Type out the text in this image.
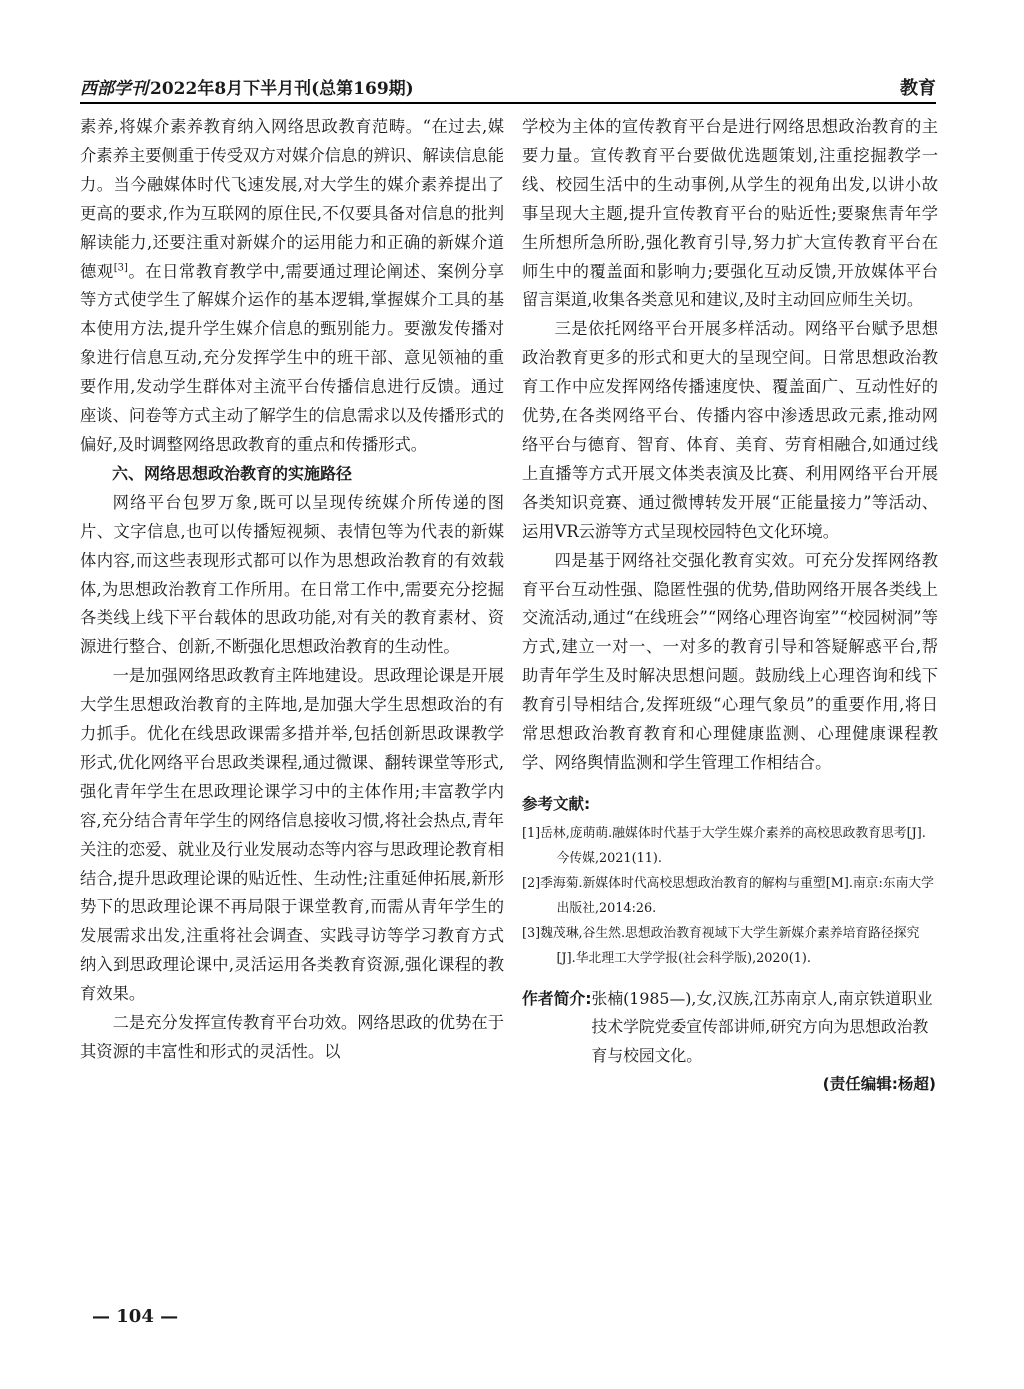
西部学刊 2022年8月下半月刊(总第169期)	教育

素养,将媒介素养教育纳入网络思政教育范畴。“在过去,媒介素养主要侧重于传受双方对媒介信息的辨识、解读信息能力。当今融媒体时代飞速发展,对大学生的媒介素养提出了更高的要求,作为互联网的原住民,不仅要具备对信息的批判解读能力,还要注重对新媒介的运用能力和正确的新媒介道德观[3]。在日常教育教学中,需要通过理论阐述、案例分享等方式使学生了解媒介运作的基本逻辑,掌握媒介工具的基本使用方法,提升学生媒介信息的甄别能力。要激发传播对象进行信息互动,充分发挥学生中的班干部、意见领袖的重要作用,发动学生群体对主流平台传播信息进行反馈。通过座谈、问卷等方式主动了解学生的信息需求以及传播形式的偏好,及时调整网络思政教育的重点和传播形式。

六、网络思想政治教育的实施路径

网络平台包罗万象,既可以呈现传统媒介所传递的图片、文字信息,也可以传播短视频、表情包等为代表的新媒体内容,而这些表现形式都可以作为思想政治教育的有效载体,为思想政治教育工作所用。在日常工作中,需要充分挖掘各类线上线下平台载体的思政功能,对有关的教育素材、资源进行整合、创新,不断强化思想政治教育的生动性。

一是加强网络思政教育主阵地建设。思政理论课是开展大学生思想政治教育的主阵地,是加强大学生思想政治的有力抓手。优化在线思政课需多措并举,包括创新思政课教学形式,优化网络平台思政类课程,通过微课、翻转课堂等形式,强化青年学生在思政理论课学习中的主体作用;丰富教学内容,充分结合青年学生的网络信息接收习惯,将社会热点,青年关注的恋爱、就业及行业发展动态等内容与思政理论教育相结合,提升思政理论课的贴近性、生动性;注重延伸拓展,新形势下的思政理论课不再局限于课堂教育,而需从青年学生的发展需求出发,注重将社会调查、实践寻访等学习教育方式纳入到思政理论课中,灵活运用各类教育资源,强化课程的教育效果。

二是充分发挥宣传教育平台功效。网络思政的优势在于其资源的丰富性和形式的灵活性。以

学校为主体的宣传教育平台是进行网络思想政治教育的主要力量。宣传教育平台要做优选题策划,注重挖掘教学一线、校园生活中的生动事例,从学生的视角出发,以讲小故事呈现大主题,提升宣传教育平台的贴近性;要聚焦青年学生所想所急所盼,强化教育引导,努力扩大宣传教育平台在师生中的覆盖面和影响力;要强化互动反馈,开放媒体平台留言渠道,收集各类意见和建议,及时主动回应师生关切。

三是依托网络平台开展多样活动。网络平台赋予思想政治教育更多的形式和更大的呈现空间。日常思想政治教育工作中应发挥网络传播速度快、覆盖面广、互动性好的优势,在各类网络平台、传播内容中渗透思政元素,推动网络平台与德育、智育、体育、美育、劳育相融合,如通过线上直播等方式开展文体类表演及比赛、利用网络平台开展各类知识竞赛、通过微博转发开展“正能量接力”等活动、运用VR云游等方式呈现校园特色文化环境。

四是基于网络社交强化教育实效。可充分发挥网络教育平台互动性强、隐匿性强的优势,借助网络开展各类线上交流活动,通过“在线班会”“网络心理咨询室”“校园树洞”等方式,建立一对一、一对多的教育引导和答疑解惑平台,帮助青年学生及时解决思想问题。鼓励线上心理咨询和线下教育引导相结合,发挥班级“心理气象员”的重要作用,将日常思想政治教育教育和心理健康监测、心理健康课程教学、网络舆情监测和学生管理工作相结合。

参考文献:

[1]岳林,庞萌萌.融媒体时代基于大学生媒介素养的高校思政教育思考[J].今传媒,2021(11).

[2]季海菊.新媒体时代高校思想政治教育的解构与重塑[M].南京:东南大学出版社,2014:26.

[3]魏茂琳,谷生然.思想政治教育视域下大学生新媒介素养培育路径探究[J].华北理工大学学报(社会科学版),2020(1).

作者简介: 张楠(1985—),女,汉族,江苏南京人,南京铁道职业技术学院党委宣传部讲师,研究方向为思想政治教育与校园文化。

(责任编辑:杨超)

— 104 —
